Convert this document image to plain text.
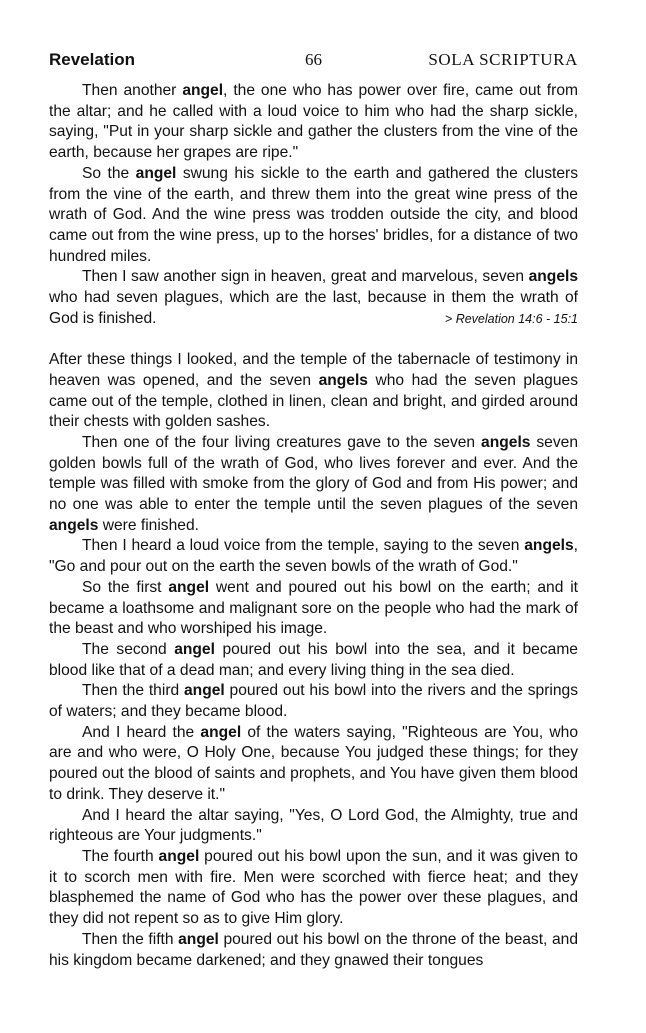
Revelation	66	SOLA SCRIPTURA

Then another angel, the one who has power over fire, came out from the altar; and he called with a loud voice to him who had the sharp sickle, saying, "Put in your sharp sickle and gather the clusters from the vine of the earth, because her grapes are ripe."

So the angel swung his sickle to the earth and gathered the clusters from the vine of the earth, and threw them into the great wine press of the wrath of God. And the wine press was trodden outside the city, and blood came out from the wine press, up to the horses' bridles, for a distance of two hundred miles.

Then I saw another sign in heaven, great and marvelous, seven angels who had seven plagues, which are the last, because in them the wrath of God is finished.	> Revelation 14:6 - 15:1

After these things I looked, and the temple of the tabernacle of testimony in heaven was opened, and the seven angels who had the seven plagues came out of the temple, clothed in linen, clean and bright, and girded around their chests with golden sashes.

Then one of the four living creatures gave to the seven angels seven golden bowls full of the wrath of God, who lives forever and ever. And the temple was filled with smoke from the glory of God and from His power; and no one was able to enter the temple until the seven plagues of the seven angels were finished.

Then I heard a loud voice from the temple, saying to the seven angels, "Go and pour out on the earth the seven bowls of the wrath of God."

So the first angel went and poured out his bowl on the earth; and it became a loathsome and malignant sore on the people who had the mark of the beast and who worshiped his image.

The second angel poured out his bowl into the sea, and it became blood like that of a dead man; and every living thing in the sea died.

Then the third angel poured out his bowl into the rivers and the springs of waters; and they became blood.

And I heard the angel of the waters saying, "Righteous are You, who are and who were, O Holy One, because You judged these things; for they poured out the blood of saints and prophets, and You have given them blood to drink. They deserve it."

And I heard the altar saying, "Yes, O Lord God, the Almighty, true and righteous are Your judgments."

The fourth angel poured out his bowl upon the sun, and it was given to it to scorch men with fire. Men were scorched with fierce heat; and they blasphemed the name of God who has the power over these plagues, and they did not repent so as to give Him glory.

Then the fifth angel poured out his bowl on the throne of the beast, and his kingdom became darkened; and they gnawed their tongues
